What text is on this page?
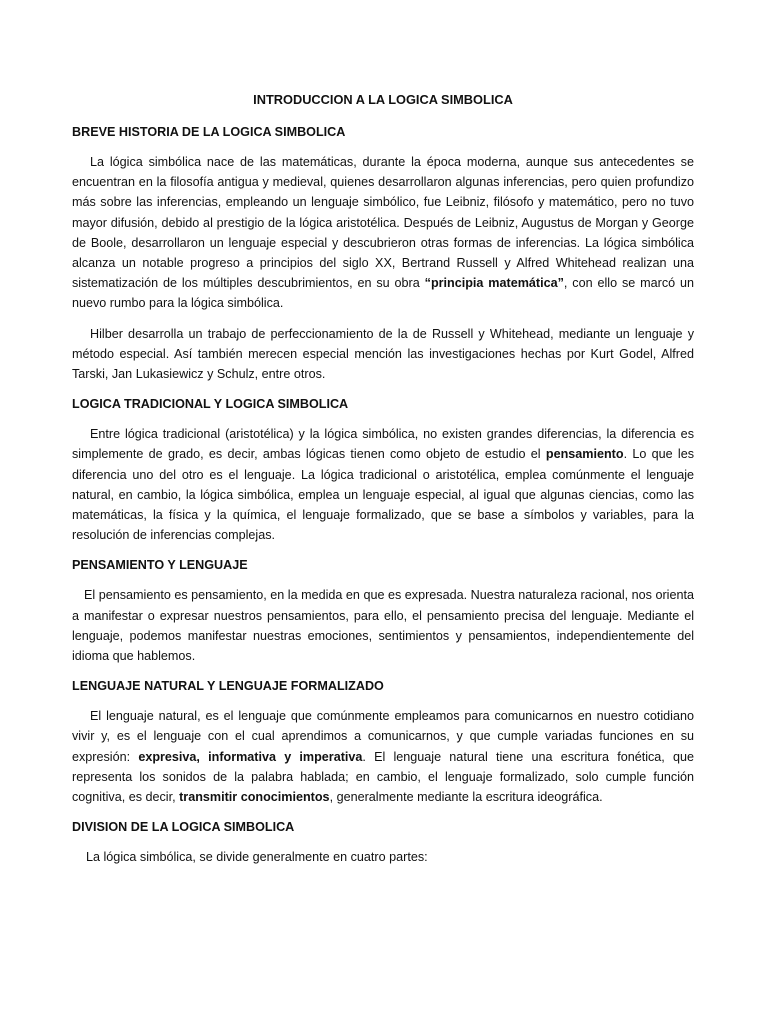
INTRODUCCION A LA LOGICA SIMBOLICA
BREVE HISTORIA DE LA LOGICA SIMBOLICA

La lógica simbólica nace de las matemáticas, durante la época moderna, aunque sus antecedentes se encuentran en la filosofía antigua y medieval, quienes desarrollaron algunas inferencias, pero quien profundizo más sobre las inferencias, empleando un lenguaje simbólico, fue Leibniz, filósofo y matemático, pero no tuvo mayor difusión, debido al prestigio de la lógica aristotélica. Después de Leibniz, Augustus de Morgan y George de Boole, desarrollaron un lenguaje especial y descubrieron otras formas de inferencias. La lógica simbólica alcanza un notable progreso a principios del siglo XX, Bertrand Russell y Alfred Whitehead realizan una sistematización de los múltiples descubrimientos, en su obra “principia matemática”, con ello se marcó un nuevo rumbo para la lógica simbólica.

Hilber desarrolla un trabajo de perfeccionamiento de la de Russell y Whitehead, mediante un lenguaje y método especial. Así también merecen especial mención las investigaciones hechas por Kurt Godel, Alfred Tarski, Jan Lukasiewicz y Schulz, entre otros.

LOGICA TRADICIONAL Y LOGICA SIMBOLICA

Entre lógica tradicional (aristotélica) y la lógica simbólica, no existen grandes diferencias, la diferencia es simplemente de grado, es decir, ambas lógicas tienen como objeto de estudio el pensamiento. Lo que les diferencia uno del otro es el lenguaje. La lógica tradicional o aristotélica, emplea comúnmente el lenguaje natural, en cambio, la lógica simbólica, emplea un lenguaje especial, al igual que algunas ciencias, como las matemáticas, la física y la química, el lenguaje formalizado, que se base a símbolos y variables, para la resolución de inferencias complejas.

PENSAMIENTO Y LENGUAJE

El pensamiento es pensamiento, en la medida en que es expresada. Nuestra naturaleza racional, nos orienta a manifestar o expresar nuestros pensamientos, para ello, el pensamiento precisa del lenguaje. Mediante el lenguaje, podemos manifestar nuestras emociones, sentimientos y pensamientos, independientemente del idioma que hablemos.

LENGUAJE NATURAL Y LENGUAJE FORMALIZADO

El lenguaje natural, es el lenguaje que comúnmente empleamos para comunicarnos en nuestro cotidiano vivir y, es el lenguaje con el cual aprendimos a comunicarnos, y que cumple variadas funciones en su expresión: expresiva, informativa y imperativa. El lenguaje natural tiene una escritura fonética, que representa los sonidos de la palabra hablada; en cambio, el lenguaje formalizado, solo cumple función cognitiva, es decir, transmitir conocimientos, generalmente mediante la escritura ideográfica.

DIVISION DE LA LOGICA SIMBOLICA

La lógica simbólica, se divide generalmente en cuatro partes:
